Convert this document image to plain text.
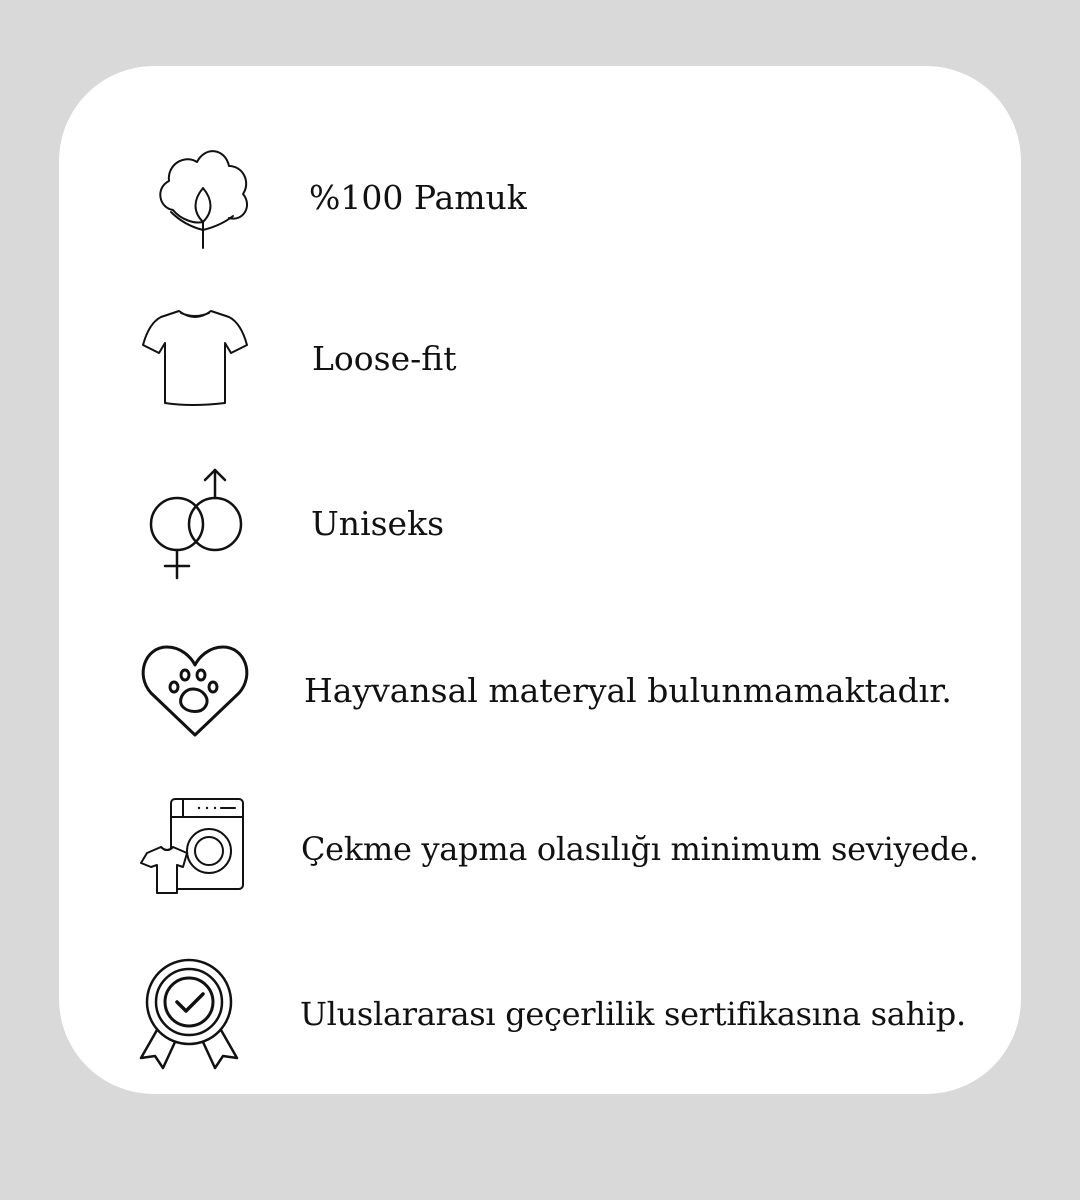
%100 Pamuk
Loose-fit
Uniseks
Hayvansal materyal bulunmamaktadır.
Çekme yapma olasılığı minimum seviyede.
Uluslararası geçerlilik sertifikasına sahip.
